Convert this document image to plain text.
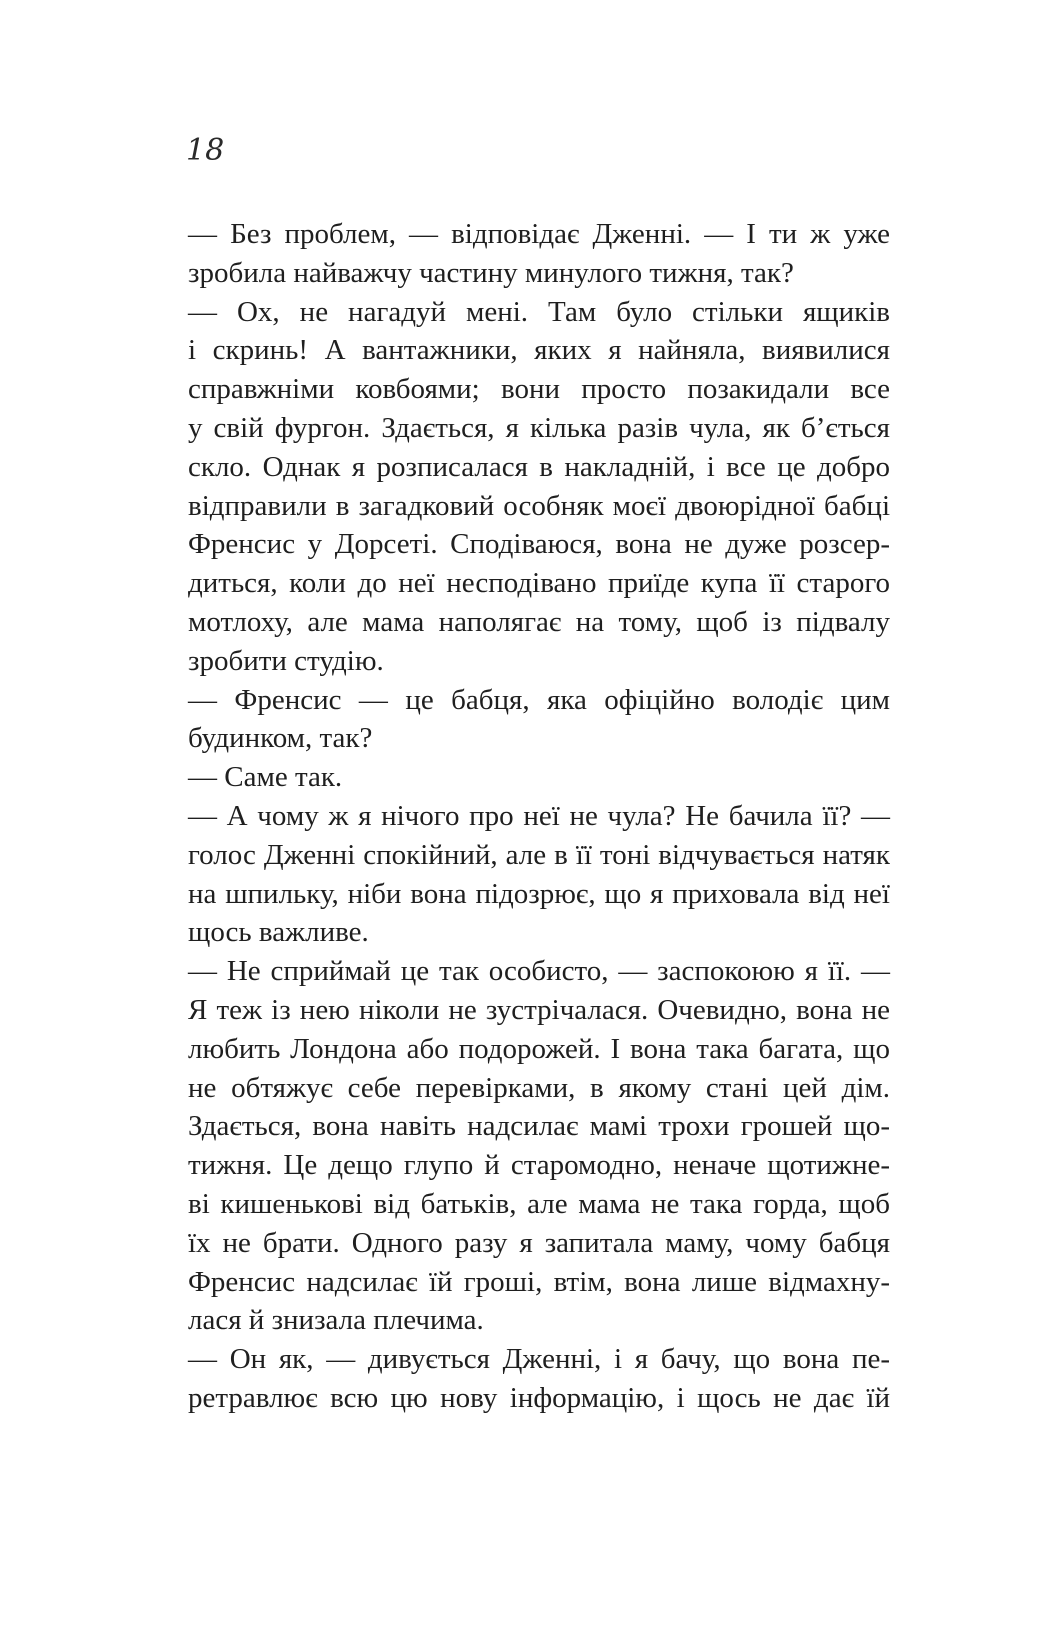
18
— Без проблем, — відповідає Дженні. — І ти ж уже
зробила найважчу частину минулого тижня, так?
— Ох, не нагадуй мені. Там було стільки ящиків
і скринь! А вантажники, яких я найняла, виявилися
справжніми ковбоями; вони просто позакидали все
у свій фургон. Здається, я кілька разів чула, як б’ється
скло. Однак я розписалася в накладній, і все це добро
відправили в загадковий особняк моєї двоюрідної бабці
Френсис у Дорсеті. Сподіваюся, вона не дуже розсер-
диться, коли до неї несподівано приїде купа її старого
мотлоху, але мама наполягає на тому, щоб із підвалу
зробити студію.
— Френсис — це бабця, яка офіційно володіє цим
будинком, так?
— Саме так.
— А чому ж я нічого про неї не чула? Не бачила її? —
голос Дженні спокійний, але в її тоні відчувається натяк
на шпильку, ніби вона підозрює, що я приховала від неї
щось важливе.
— Не сприймай це так особисто, — заспокоюю я її. —
Я теж із нею ніколи не зустрічалася. Очевидно, вона не
любить Лондона або подорожей. І вона така багата, що
не обтяжує себе перевірками, в якому стані цей дім.
Здається, вона навіть надсилає мамі трохи грошей що-
тижня. Це дещо глупо й старомодно, неначе щотижне-
ві кишенькові від батьків, але мама не така горда, щоб
їх не брати. Одного разу я запитала маму, чому бабця
Френсис надсилає їй гроші, втім, вона лише відмахну-
лася й знизала плечима.
— Он як, — дивується Дженні, і я бачу, що вона пе-
ретравлює всю цю нову інформацію, і щось не дає їй
